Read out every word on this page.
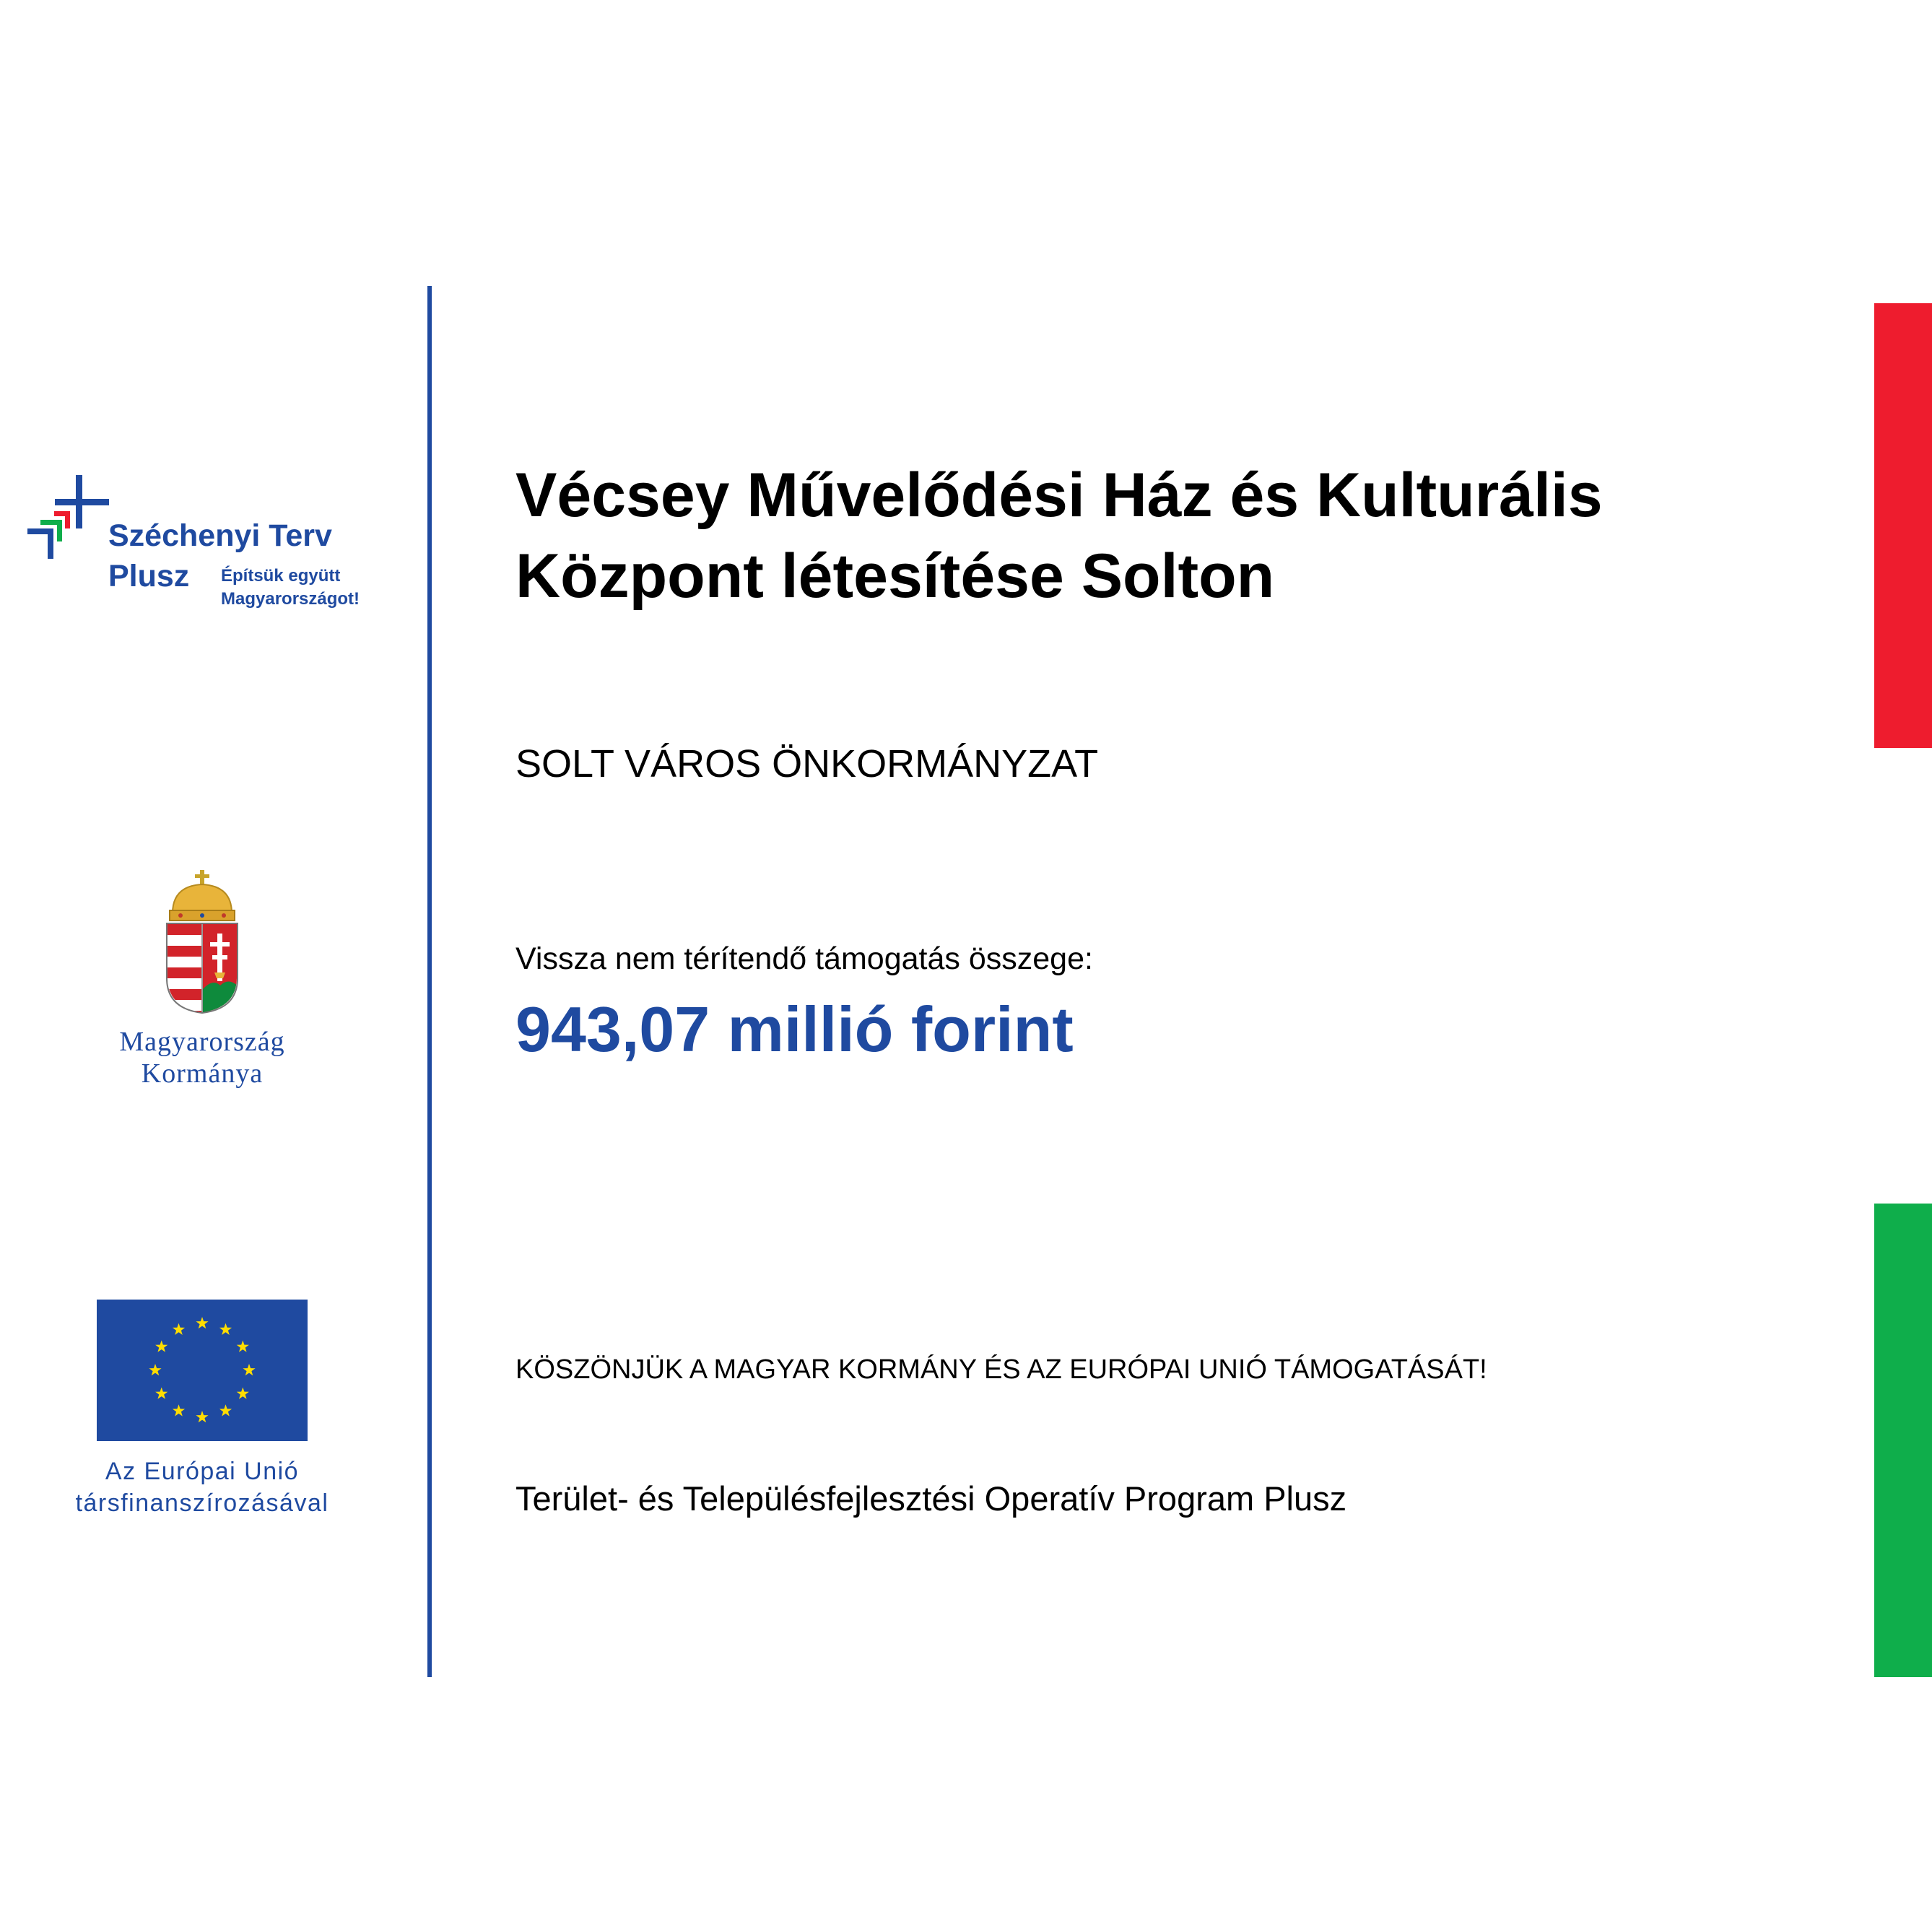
Széchenyi Terv
Plusz	Építsük együtt
Magyarországot!
Magyarország
Kormánya
Az Európai Unió
társfinanszírozásával
Vécsey Művelődési Ház és Kulturális
Központ létesítése Solton
SOLT VÁROS ÖNKORMÁNYZAT
Vissza nem térítendő támogatás összege:
943,07 millió forint
KÖSZÖNJÜK A MAGYAR KORMÁNY ÉS AZ EURÓPAI UNIÓ TÁMOGATÁSÁT!
Terület- és Településfejlesztési Operatív Program Plusz
